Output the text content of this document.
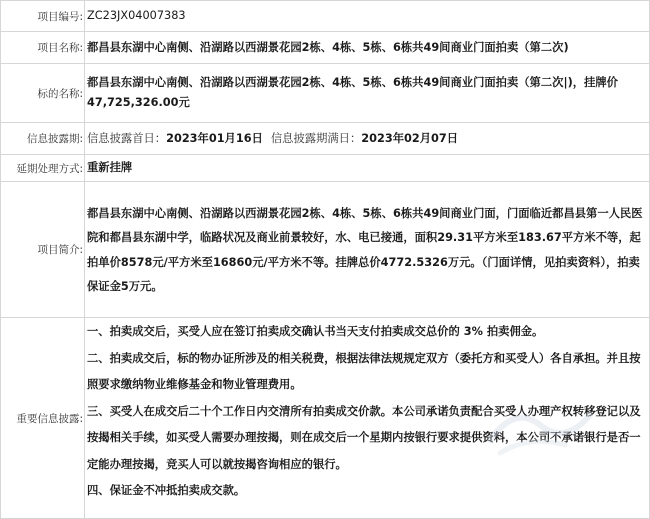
项目编号:	ZC23JX04007383
项目名称:	都昌县东湖中心南侧、沿湖路以西湖景花园2栋、4栋、5栋、6栋共49间商业门面拍卖（第二次)
标的名称:	都昌县东湖中心南侧、沿湖路以西湖景花园2栋、4栋、5栋、6栋共49间商业门面拍卖（第二次|)，挂牌价47,725,326.00元
信息披露期:	信息披露首日：2023年01月16日 信息披露期满日：2023年02月07日
延期处理方式:	重新挂牌
项目简介:	都昌县东湖中心南侧、沿湖路以西湖景花园2栋、4栋、5栋、6栋共49间商业门面，门面临近都昌县第一人民医院和都昌县东湖中学，临路状况及商业前景较好，水、电已接通，面积29.31平方米至183.67平方米不等，起拍单价8578元/平方米至16860元/平方米不等。挂牌总价4772.5326万元。（门面详情，见拍卖资料），拍卖保证金5万元。

重要信息披露:	一、拍卖成交后，买受人应在签订拍卖成交确认书当天支付拍卖成交总价的 3% 拍卖佣金。

二、拍卖成交后，标的物办证所涉及的相关税费，根据法律法规规定双方（委托方和买受人）各自承担。并且按照要求缴纳物业维修基金和物业管理费用。

三、买受人在成交后二十个工作日内交清所有拍卖成交价款。本公司承诺负责配合买受人办理产权转移登记以及按揭相关手续，如买受人需要办理按揭，则在成交后一个星期内按银行要求提供资料，本公司不承诺银行是否一定能办理按揭，竞买人可以就按揭咨询相应的银行。

四、保证金不冲抵拍卖成交款。
